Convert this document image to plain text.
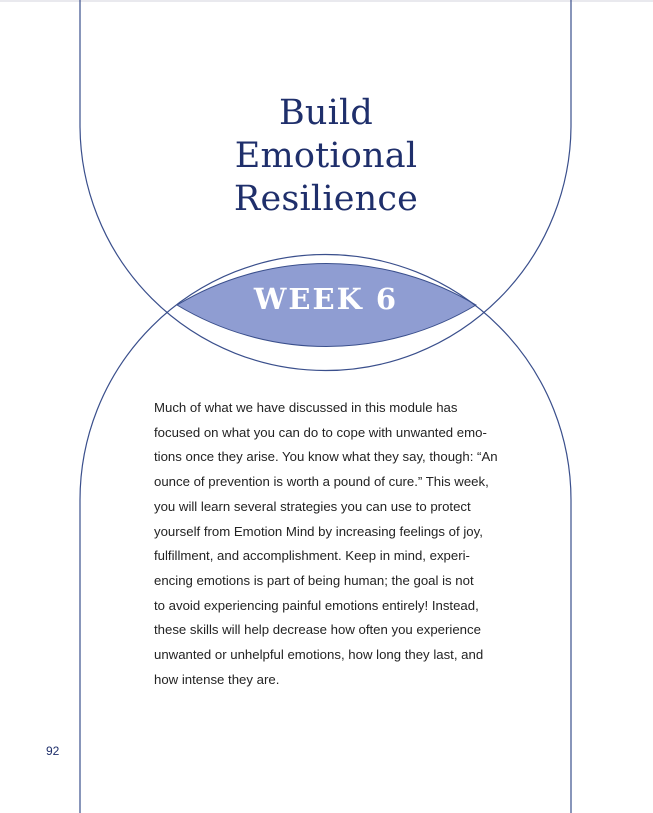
Build
Emotional
Resilience
WEEK 6
Much of what we have discussed in this module has
focused on what you can do to cope with unwanted emo-
tions once they arise. You know what they say, though: “An
ounce of prevention is worth a pound of cure.” This week,
you will learn several strategies you can use to protect
yourself from Emotion Mind by increasing feelings of joy,
fulfillment, and accomplishment. Keep in mind, experi-
encing emotions is part of being human; the goal is not
to avoid experiencing painful emotions entirely! Instead,
these skills will help decrease how often you experience
unwanted or unhelpful emotions, how long they last, and
how intense they are.
92
